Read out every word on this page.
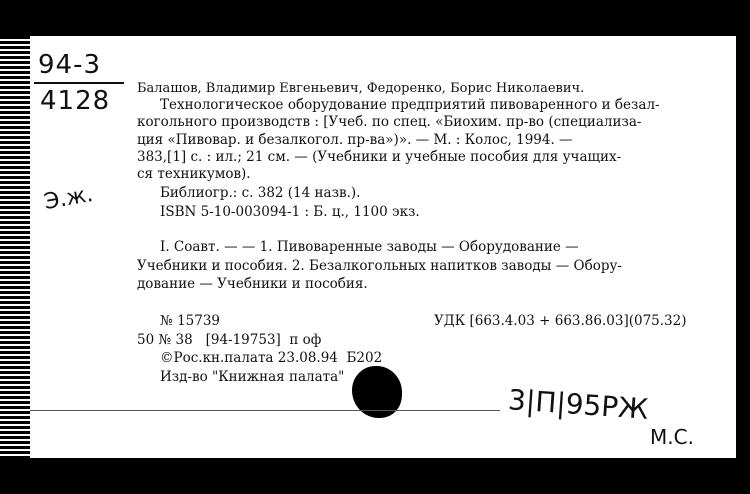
94-3
4128
Э.ж.
Балашов, Владимир Евгеньевич, Федоренко, Борис Николаевич.
Технологическое оборудование предприятий пивоваренного и безал-
когольного производств : [Учеб. по спец. «Биохим. пр-во (специализа-
ция «Пивовар. и безалкогол. пр-ва»)». — М. : Колос, 1994. —
383,[1] с. : ил.; 21 см. — (Учебники и учебные пособия для учащих-
ся техникумов).
Библиогр.: с. 382 (14 назв.).
ISBN 5-10-003094-1 : Б. ц., 1100 экз.
I. Соавт. — — 1. Пивоваренные заводы — Оборудование —
Учебники и пособия. 2. Безалкогольных напитков заводы — Обору-
дование — Учебники и пособия.
№ 15739	УДК [663.4.03 + 663.86.03](075.32)
50 № 38   [94-19753]  п оф
©Рос.кн.палата 23.08.94  Б202
Изд-во "Книжная палата"
3|П|95РЖ
М.С.
